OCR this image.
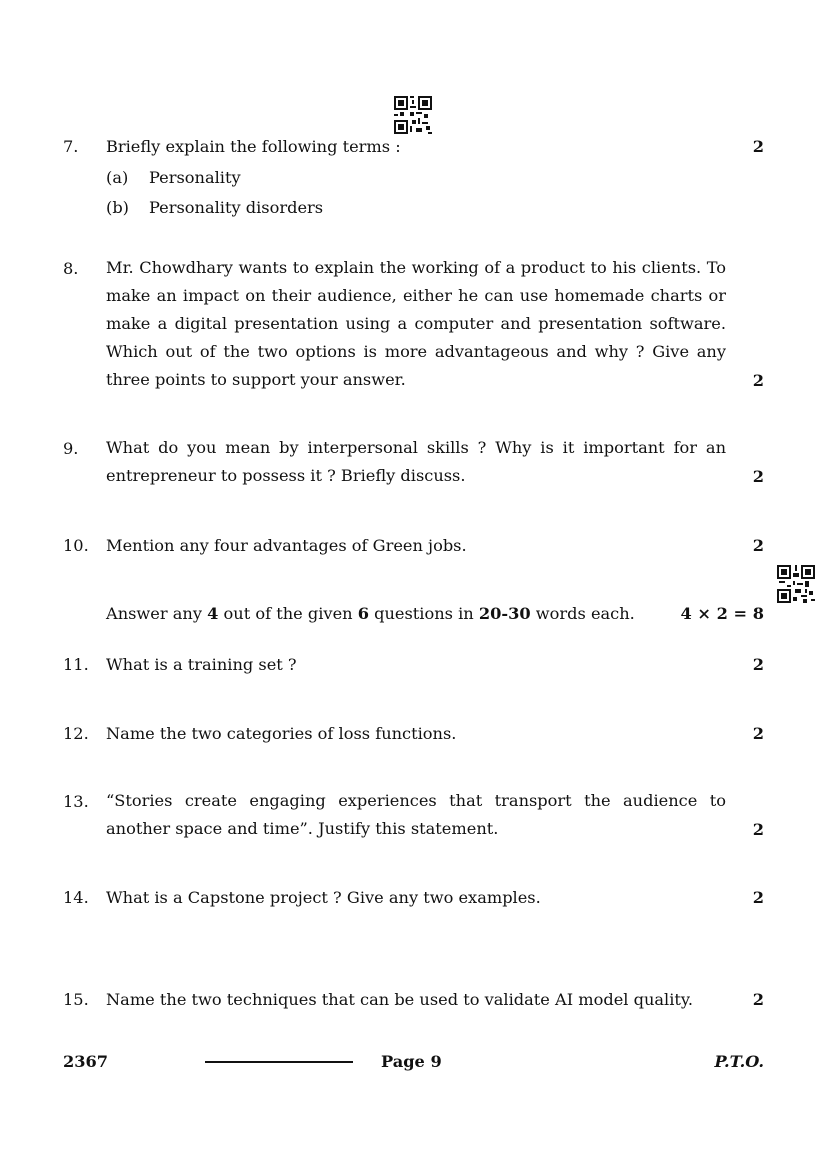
7. Briefly explain the following terms :	2
(a) Personality
(b) Personality disorders
8. Mr. Chowdhary wants to explain the working of a product to his clients. To make an impact on their audience, either he can use homemade charts or make a digital presentation using a computer and presentation software. Which out of the two options is more advantageous and why ? Give any three points to support your answer.	2
9. What do you mean by interpersonal skills ? Why is it important for an entrepreneur to possess it ? Briefly discuss.	2
10. Mention any four advantages of Green jobs.	2
Answer any 4 out of the given 6 questions in 20-30 words each.	4 × 2 = 8
11. What is a training set ?	2
12. Name the two categories of loss functions.	2
13. “Stories create engaging experiences that transport the audience to another space and time”. Justify this statement.	2
14. What is a Capstone project ? Give any two examples.	2
15. Name the two techniques that can be used to validate AI model quality.	2
2367	Page 9	P.T.O.
